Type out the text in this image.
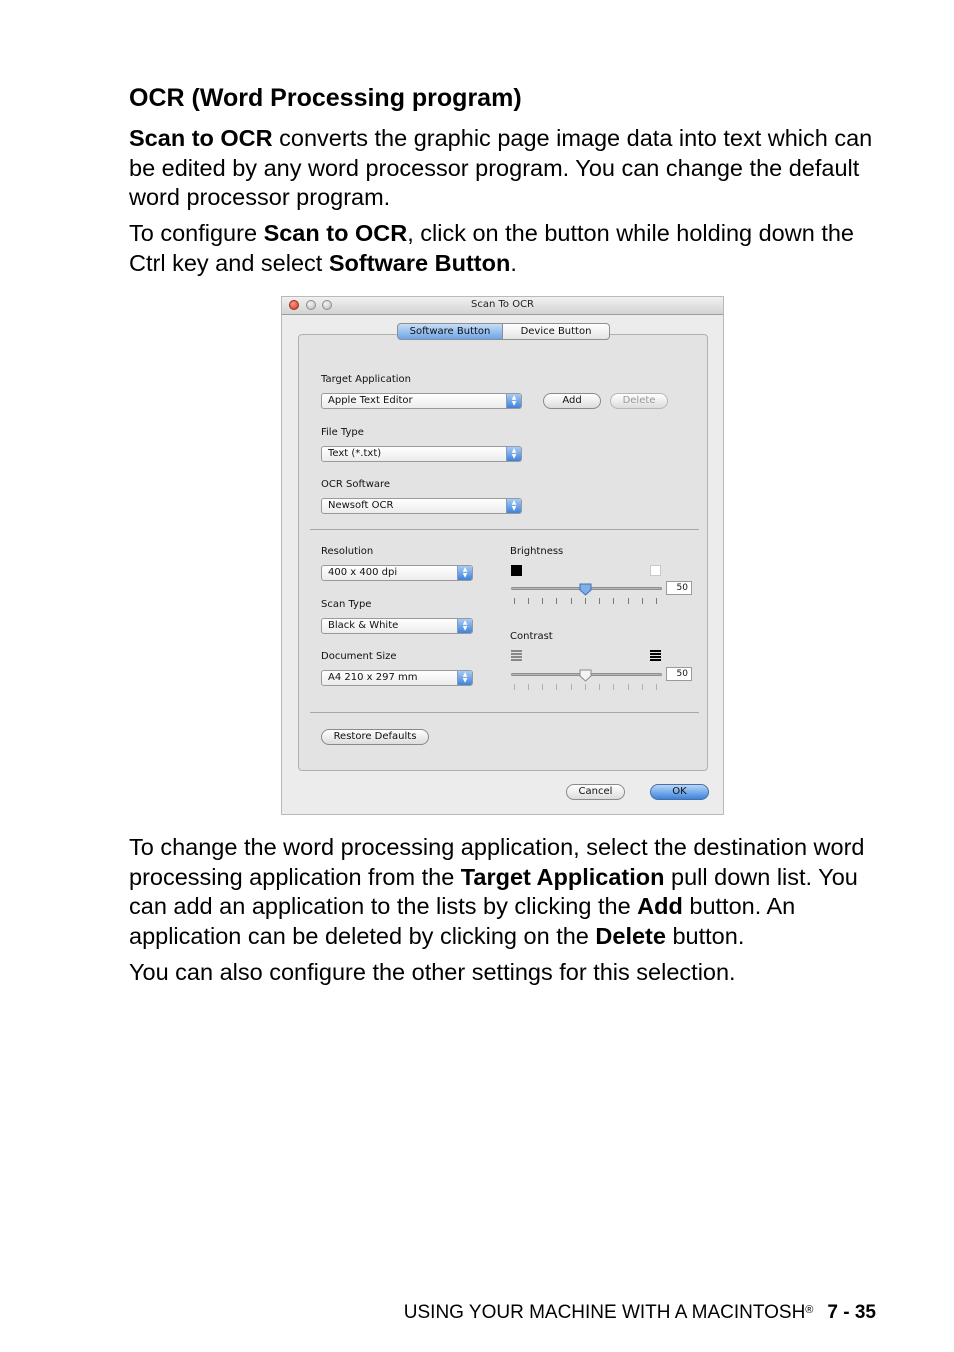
OCR (Word Processing program)

Scan to OCR converts the graphic page image data into text which can be edited by any word processor program. You can change the default word processor program.

To configure Scan to OCR, click on the button while holding down the Ctrl key and select Software Button.

Scan To OCR
Software Button	Device Button
Target Application
Apple Text Editor	▲
▼	Add	Delete
File Type
Text (*.txt)	▲
▼
OCR Software
Newsoft OCR	▲
▼
Resolution
400 x 400 dpi	▲
▼
Scan Type
Black & White	▲
▼
Document Size
A4 210 x 297 mm	▲
▼
Brightness
50
Contrast
50
Restore Defaults
Cancel	OK

To change the word processing application, select the destination word processing application from the Target Application pull down list. You can add an application to the lists by clicking the Add button. An application can be deleted by clicking on the Delete button.

You can also configure the other settings for this selection.

USING YOUR MACHINE WITH A MACINTOSH® 7 - 35
